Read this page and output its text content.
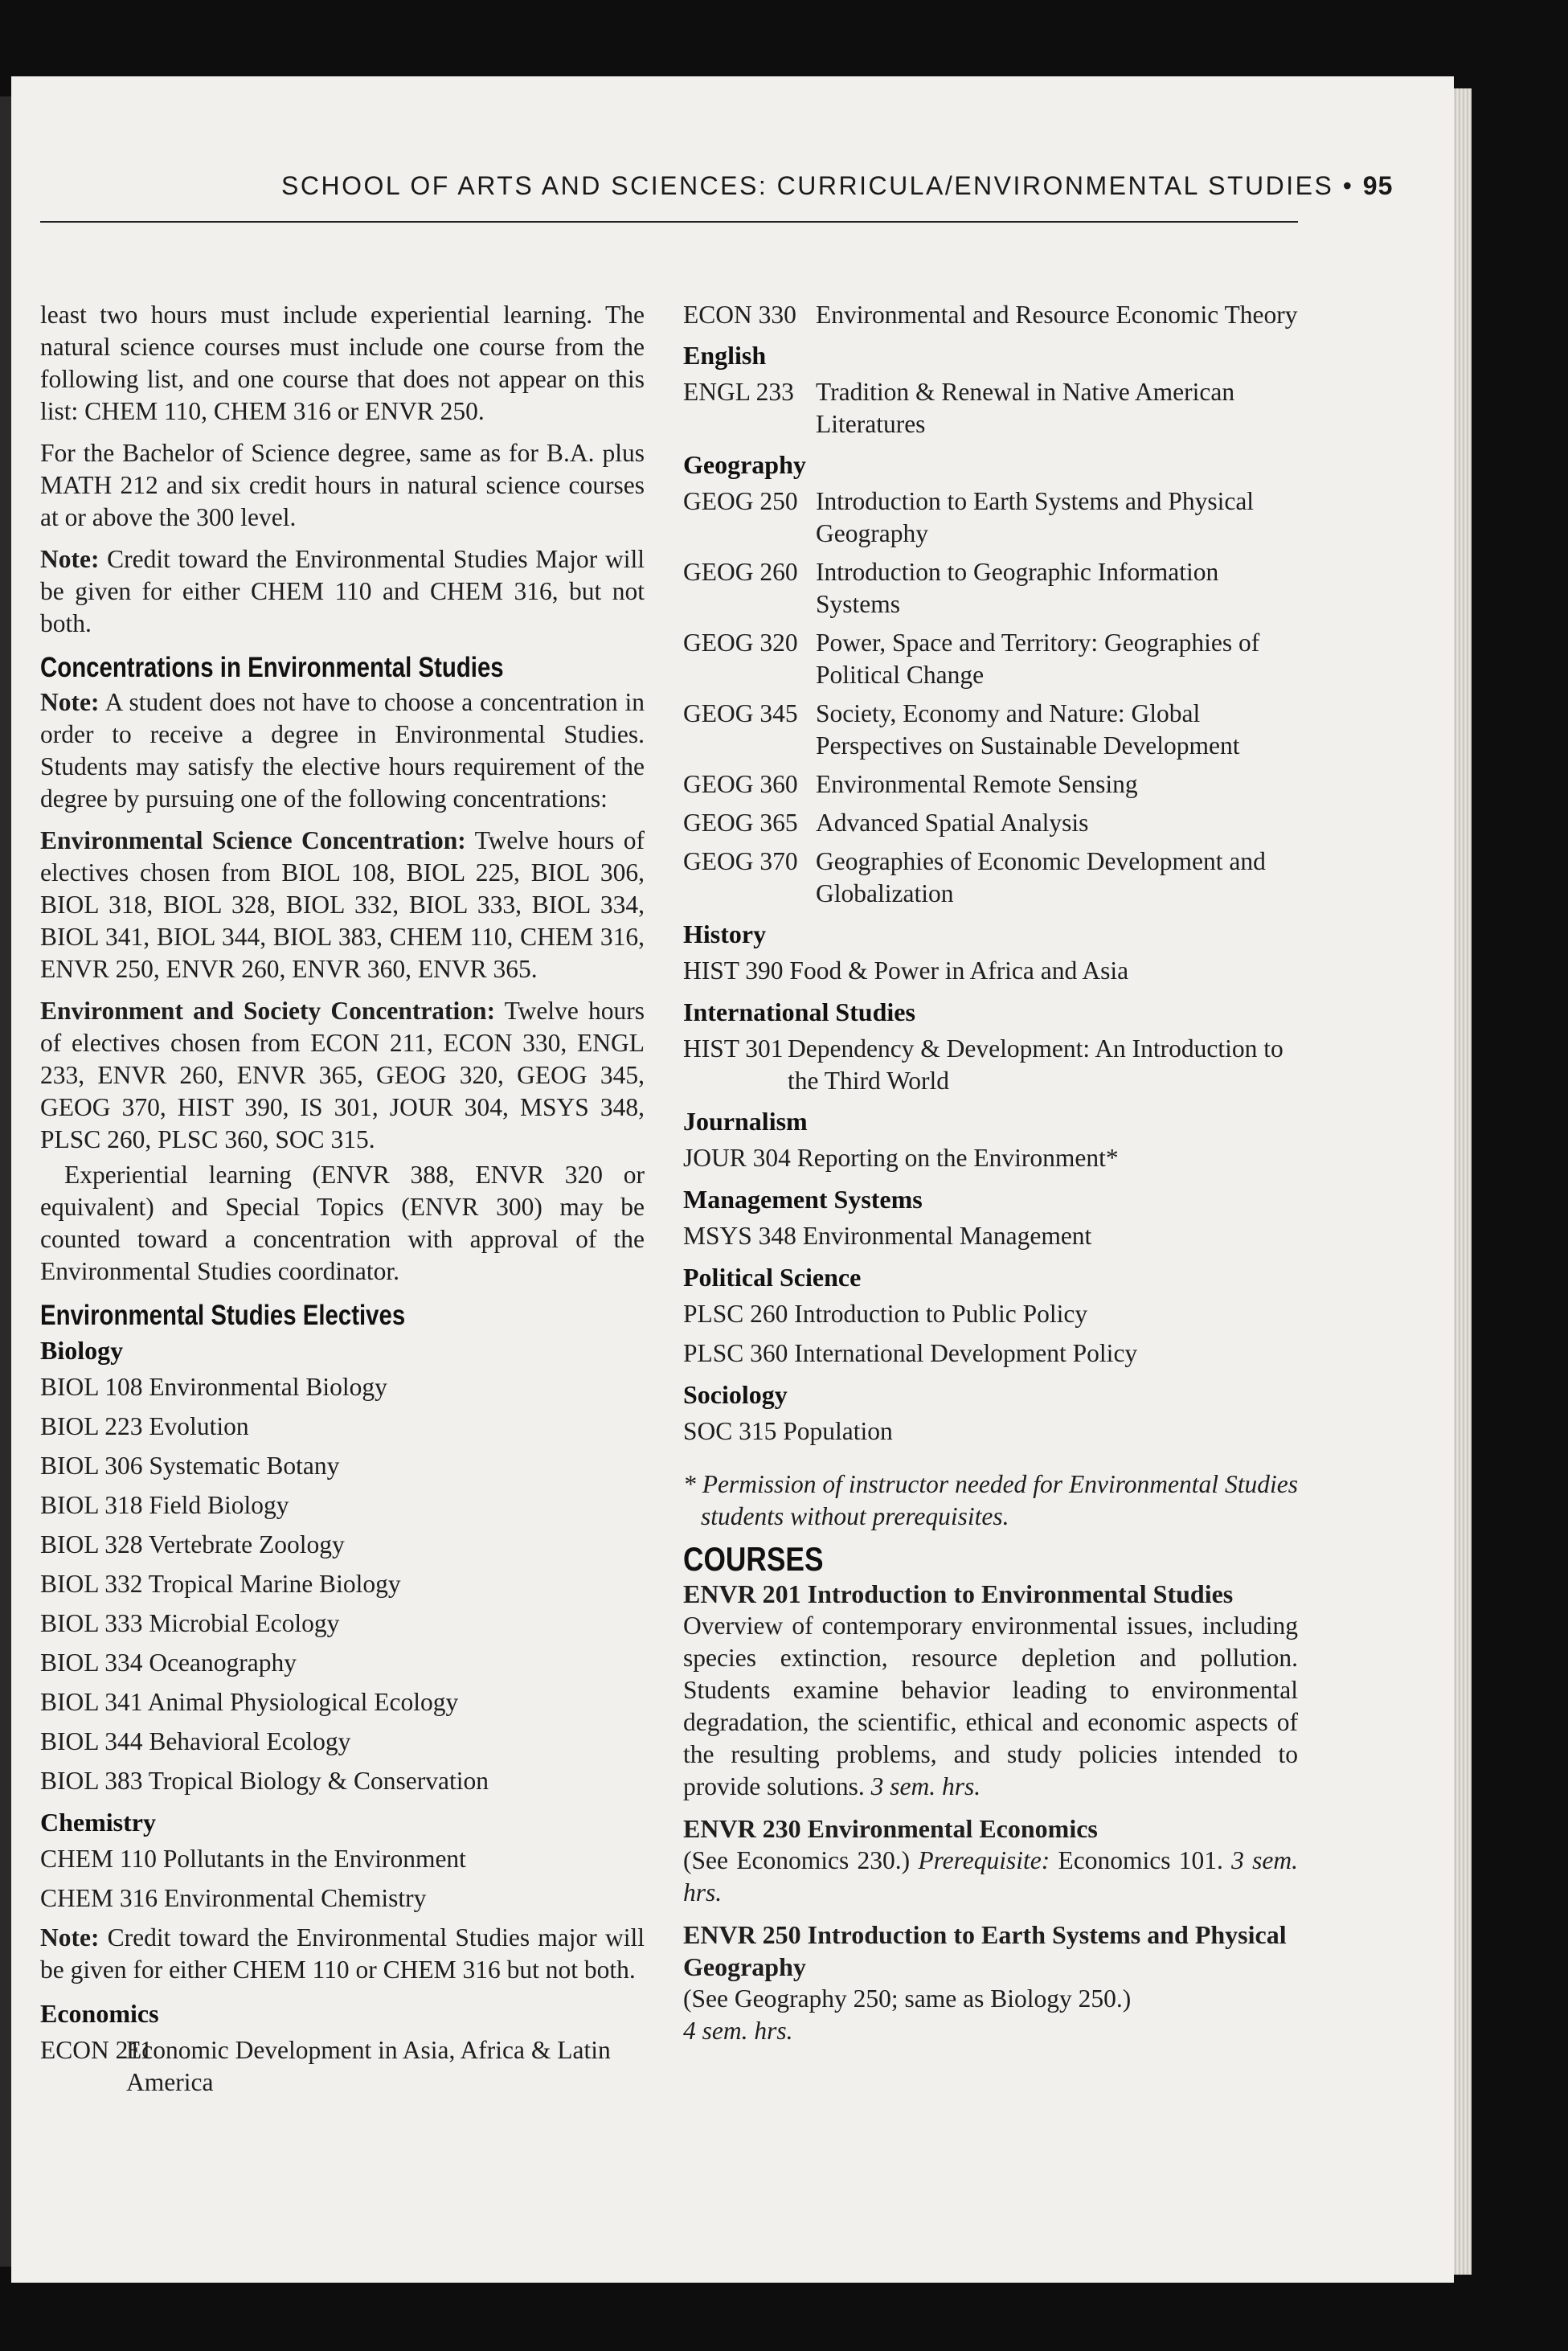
SCHOOL OF ARTS AND SCIENCES: CURRICULA/ENVIRONMENTAL STUDIES • 95

least two hours must include experiential learning. The natural science courses must include one course from the following list, and one course that does not appear on this list: CHEM 110, CHEM 316 or ENVR 250.

For the Bachelor of Science degree, same as for B.A. plus MATH 212 and six credit hours in natural science courses at or above the 300 level.

Note: Credit toward the Environmental Studies Major will be given for either CHEM 110 and CHEM 316, but not both.

Concentrations in Environmental Studies

Note: A student does not have to choose a concentration in order to receive a degree in Environmental Studies. Students may satisfy the elective hours requirement of the degree by pursuing one of the following concentrations:

Environmental Science Concentration: Twelve hours of electives chosen from BIOL 108, BIOL 225, BIOL 306, BIOL 318, BIOL 328, BIOL 332, BIOL 333, BIOL 334, BIOL 341, BIOL 344, BIOL 383, CHEM 110, CHEM 316, ENVR 250, ENVR 260, ENVR 360, ENVR 365.

Environment and Society Concentration: Twelve hours of electives chosen from ECON 211, ECON 330, ENGL 233, ENVR 260, ENVR 365, GEOG 320, GEOG 345, GEOG 370, HIST 390, IS 301, JOUR 304, MSYS 348, PLSC 260, PLSC 360, SOC 315.

Experiential learning (ENVR 388, ENVR 320 or equivalent) and Special Topics (ENVR 300) may be counted toward a concentration with approval of the Environmental Studies coordinator.

Environmental Studies Electives
Biology
BIOL 108 Environmental Biology
BIOL 223 Evolution
BIOL 306 Systematic Botany
BIOL 318 Field Biology
BIOL 328 Vertebrate Zoology
BIOL 332 Tropical Marine Biology
BIOL 333 Microbial Ecology
BIOL 334 Oceanography
BIOL 341 Animal Physiological Ecology
BIOL 344 Behavioral Ecology
BIOL 383 Tropical Biology & Conservation
Chemistry
CHEM 110 Pollutants in the Environment
CHEM 316 Environmental Chemistry

Note: Credit toward the Environmental Studies major will be given for either CHEM 110 or CHEM 316 but not both.

Economics
ECON 211
Economic Development in Asia, Africa & Latin America
ECON 330 Environmental and Resource Economic Theory
English
ENGL 233 Tradition & Renewal in Native American Literatures
Geography
GEOG 250 Introduction to Earth Systems and Physical Geography
GEOG 260 Introduction to Geographic Information Systems
GEOG 320 Power, Space and Territory: Geographies of Political Change
GEOG 345 Society, Economy and Nature: Global Perspectives on Sustainable Development
GEOG 360 Environmental Remote Sensing
GEOG 365 Advanced Spatial Analysis
GEOG 370 Geographies of Economic Development and Globalization
History
HIST 390 Food & Power in Africa and Asia
International Studies
HIST 301 Dependency & Development: An Introduction to the Third World
Journalism
JOUR 304 Reporting on the Environment*
Management Systems
MSYS 348 Environmental Management
Political Science
PLSC 260 Introduction to Public Policy
PLSC 360 International Development Policy
Sociology
SOC 315 Population

* Permission of instructor needed for Environmental Studies students without prerequisites.

COURSES
ENVR 201 Introduction to Environmental Studies

Overview of contemporary environmental issues, including species extinction, resource depletion and pollution. Students examine behavior leading to environmental degradation, the scientific, ethical and economic aspects of the resulting problems, and study policies intended to provide solutions. 3 sem. hrs.

ENVR 230 Environmental Economics

(See Economics 230.) Prerequisite: Economics 101. 3 sem. hrs.

ENVR 250 Introduction to Earth Systems and Physical Geography

(See Geography 250; same as Biology 250.)
4 sem. hrs.
